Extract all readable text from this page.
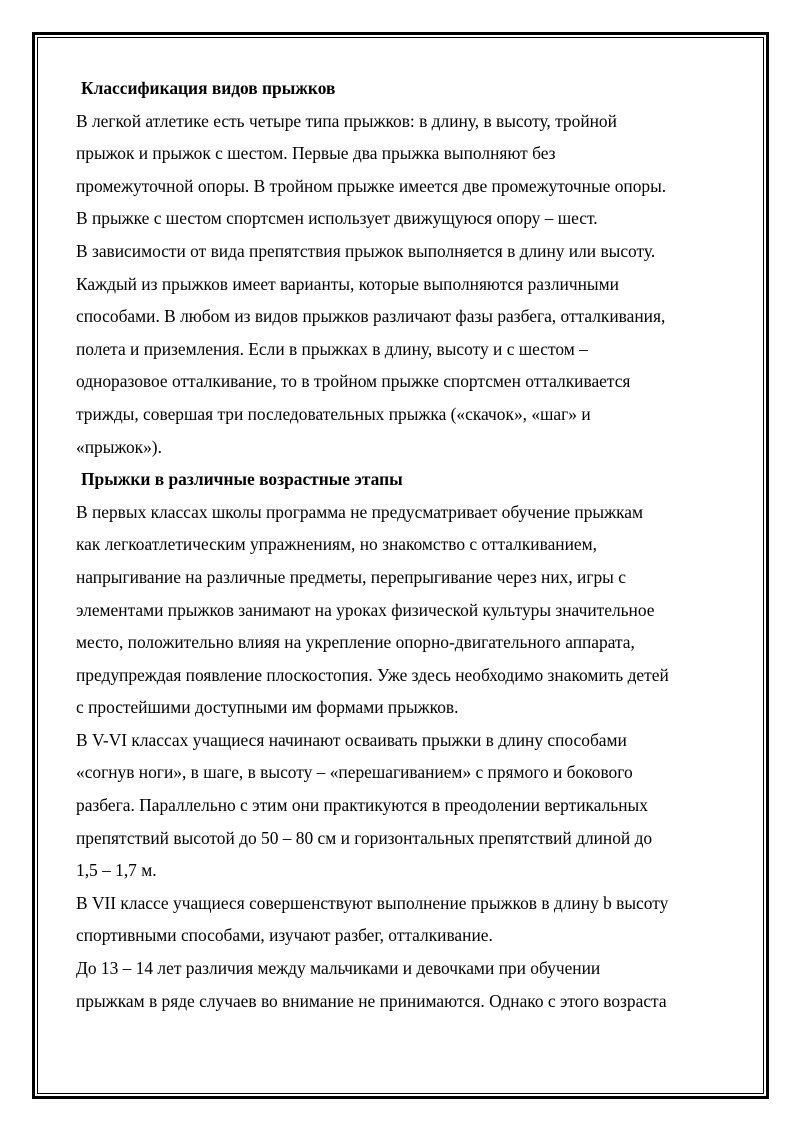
Классификация видов прыжков
В легкой атлетике есть четыре типа прыжков: в длину, в высоту, тройной
прыжок и прыжок с шестом. Первые два прыжка выполняют без
промежуточной опоры. В тройном прыжке имеется две промежуточные опоры.
В прыжке с шестом спортсмен использует движущуюся опору – шест.
В зависимости от вида препятствия прыжок выполняется в длину или высоту.
Каждый из прыжков имеет варианты, которые выполняются различными
способами. В любом из видов прыжков различают фазы разбега, отталкивания,
полета и приземления. Если в прыжках в длину, высоту и с шестом –
одноразовое отталкивание, то в тройном прыжке спортсмен отталкивается
трижды, совершая три последовательных прыжка («скачок», «шаг» и
«прыжок»).
Прыжки в различные возрастные этапы
В первых классах школы программа не предусматривает обучение прыжкам
как легкоатлетическим упражнениям, но знакомство с отталкиванием,
напрыгивание на различные предметы, перепрыгивание через них, игры с
элементами прыжков занимают на уроках физической культуры значительное
место, положительно влияя на укрепление опорно-двигательного аппарата,
предупреждая появление плоскостопия. Уже здесь необходимо знакомить детей
с простейшими доступными им формами прыжков.
В V-VI классах учащиеся начинают осваивать прыжки в длину способами
«согнув ноги», в шаге, в высоту – «перешагиванием» с прямого и бокового
разбега. Параллельно с этим они практикуются в преодолении вертикальных
препятствий высотой до 50 – 80 см и горизонтальных препятствий длиной до
1,5 – 1,7 м.
В VII классе учащиеся совершенствуют выполнение прыжков в длину b высоту
спортивными способами, изучают разбег, отталкивание.
До 13 – 14 лет различия между мальчиками и девочками при обучении
прыжкам в ряде случаев во внимание не принимаются. Однако с этого возраста
